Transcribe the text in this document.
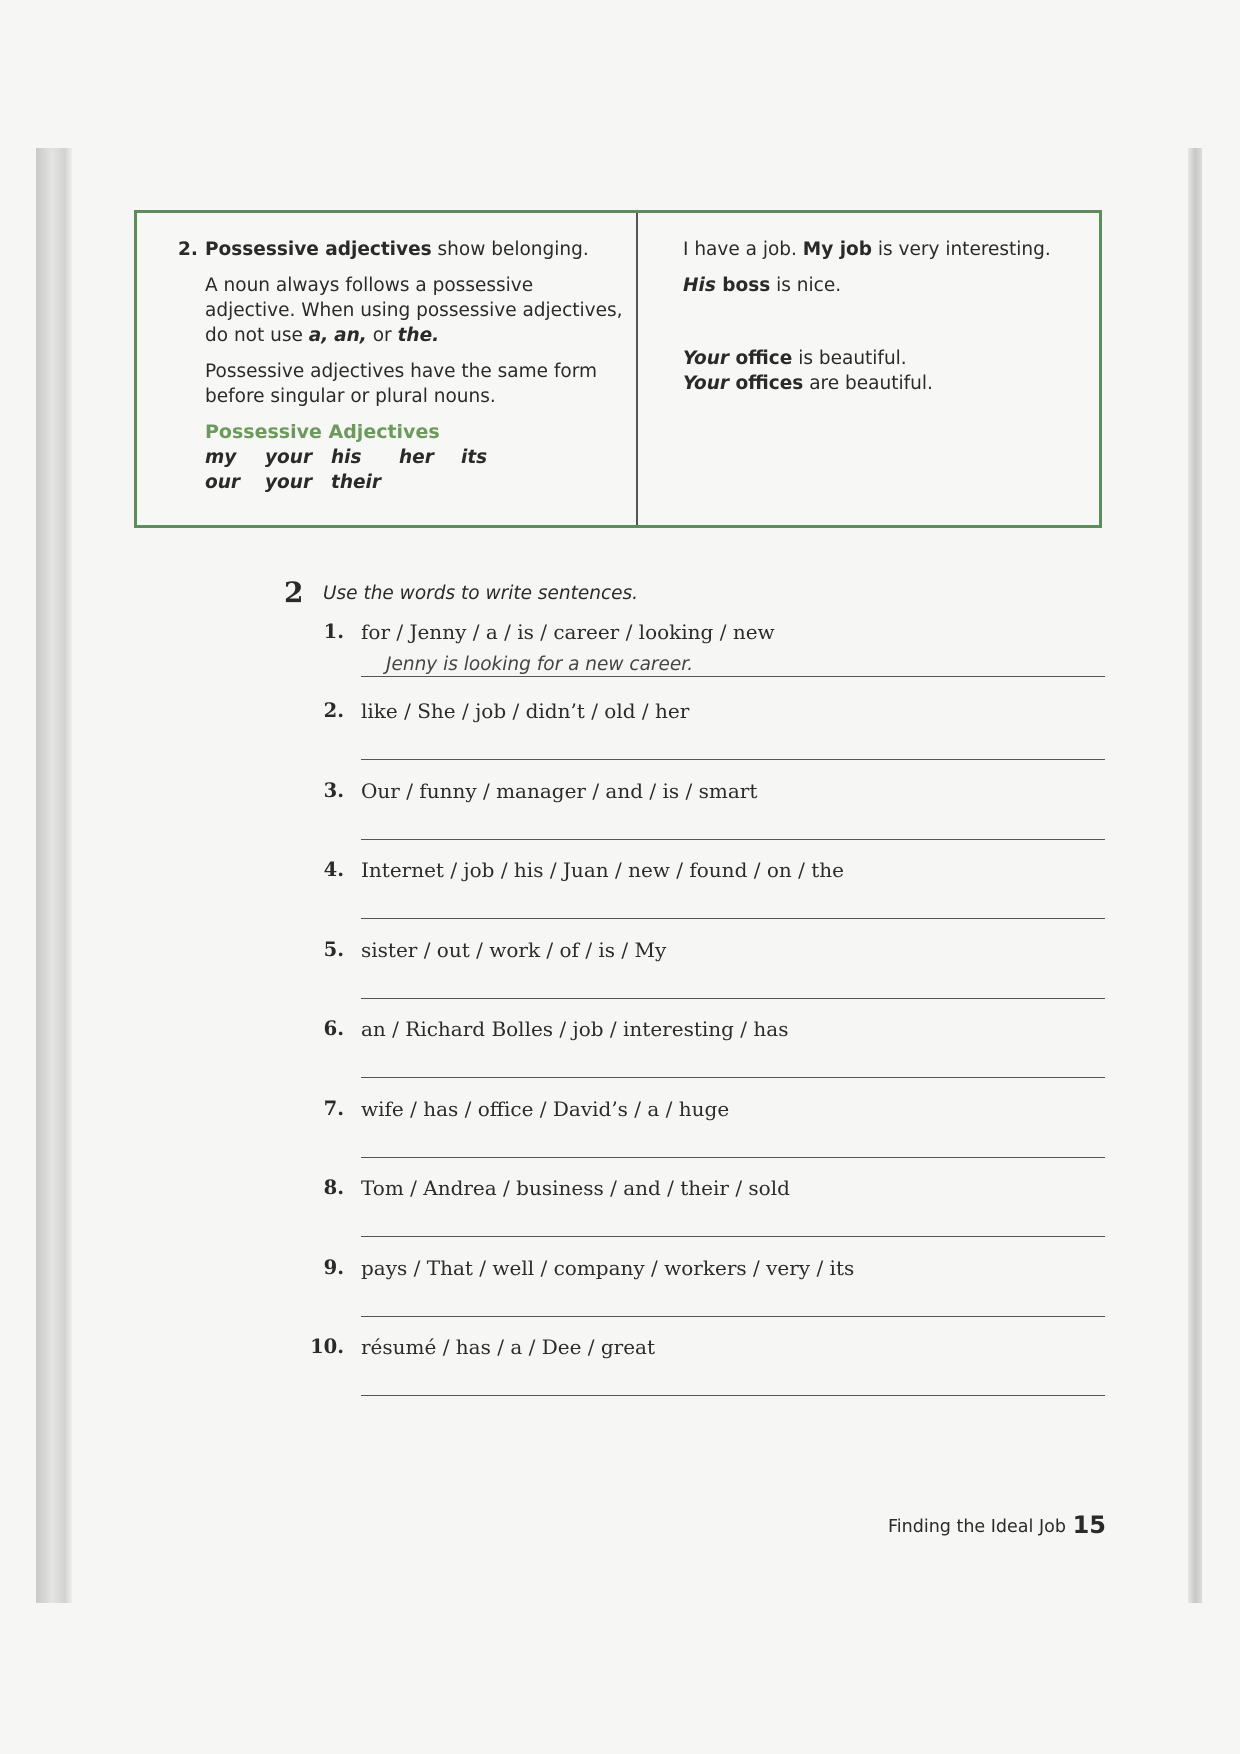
2. Possessive adjectives show belonging.
A noun always follows a possessive
adjective. When using possessive adjectives,
do not use a, an, or the.
Possessive adjectives have the same form
before singular or plural nouns.
Possessive Adjectives
my	your	his	her	its
our	your	their
I have a job. My job is very interesting.
His boss is nice.
Your office is beautiful.
Your offices are beautiful.
2 Use the words to write sentences.
1. for / Jenny / a / is / career / looking / new
Jenny is looking for a new career.
2. like / She / job / didn’t / old / her
3. Our / funny / manager / and / is / smart
4. Internet / job / his / Juan / new / found / on / the
5. sister / out / work / of / is / My
6. an / Richard Bolles / job / interesting / has
7. wife / has / office / David’s / a / huge
8. Tom / Andrea / business / and / their / sold
9. pays / That / well / company / workers / very / its
10. résumé / has / a / Dee / great
Finding the Ideal Job 15
